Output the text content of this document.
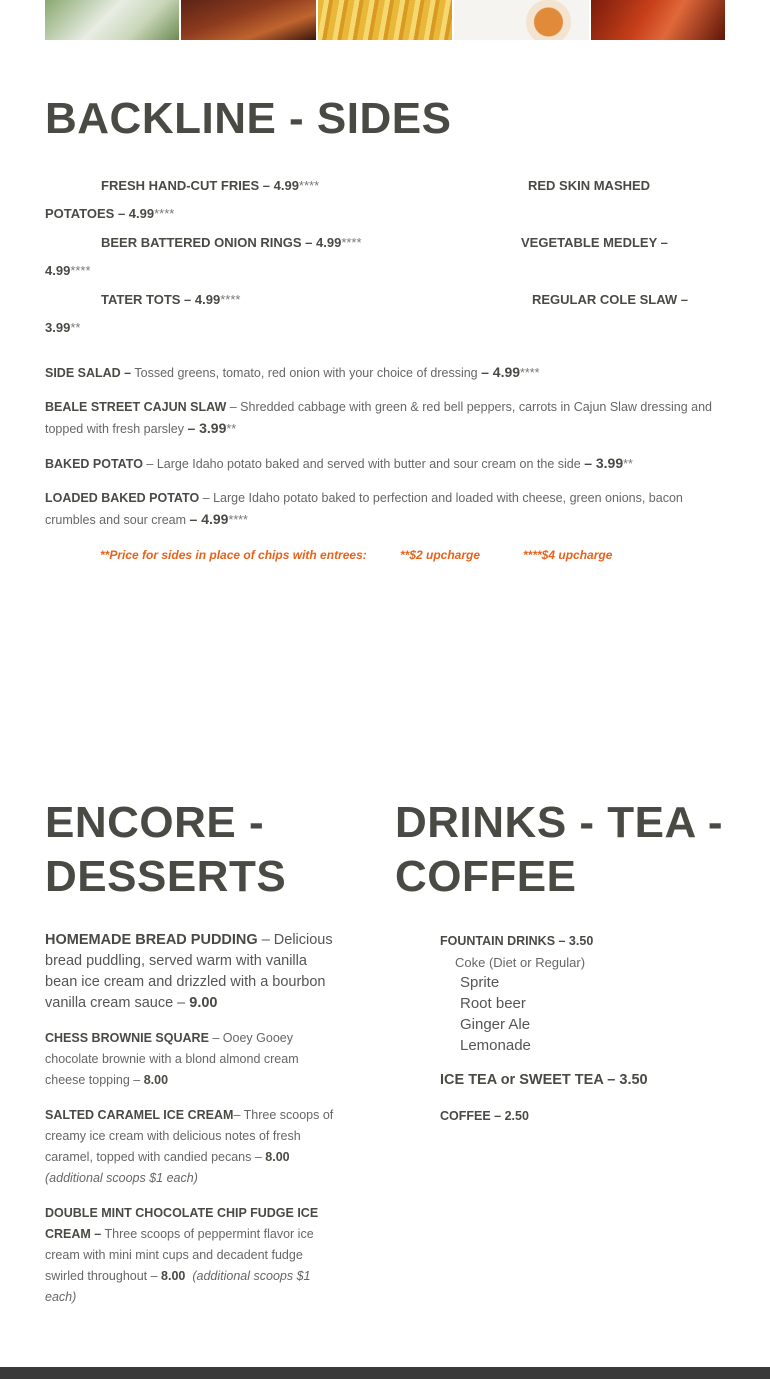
BACKLINE - SIDES
FRESH HAND-CUT FRIES – 4.99****	RED SKIN MASHED
POTATOES – 4.99****
BEER BATTERED ONION RINGS – 4.99****	VEGETABLE MEDLEY –
4.99****
TATER TOTS – 4.99****	REGULAR COLE SLAW –
3.99**
SIDE SALAD – Tossed greens, tomato, red onion with your choice of dressing – 4.99****
BEALE STREET CAJUN SLAW – Shredded cabbage with green & red bell peppers, carrots in Cajun Slaw dressing and topped with fresh parsley – 3.99**
BAKED POTATO – Large Idaho potato baked and served with butter and sour cream on the side – 3.99**
LOADED BAKED POTATO – Large Idaho potato baked to perfection and loaded with cheese, green onions, bacon crumbles and sour cream – 4.99****
**Price for sides in place of chips with entrees:	**$2 upcharge	****$4 upcharge
ENCORE -
DESSERTS
HOMEMADE BREAD PUDDING – Delicious bread puddling, served warm with vanilla bean ice cream and drizzled with a bourbon vanilla cream sauce – 9.00
CHESS BROWNIE SQUARE – Ooey Gooey chocolate brownie with a blond almond cream cheese topping – 8.00
SALTED CARAMEL ICE CREAM– Three scoops of creamy ice cream with delicious notes of fresh caramel, topped with candied pecans – 8.00
(additional scoops $1 each)
DOUBLE MINT CHOCOLATE CHIP FUDGE ICE CREAM – Three scoops of peppermint flavor ice cream with mini mint cups and decadent fudge swirled throughout – 8.00 (additional scoops $1 each)
DRINKS - TEA -
COFFEE
FOUNTAIN DRINKS – 3.50
Coke (Diet or Regular)
Sprite
Root beer
Ginger Ale
Lemonade
ICE TEA or SWEET TEA – 3.50
COFFEE – 2.50
